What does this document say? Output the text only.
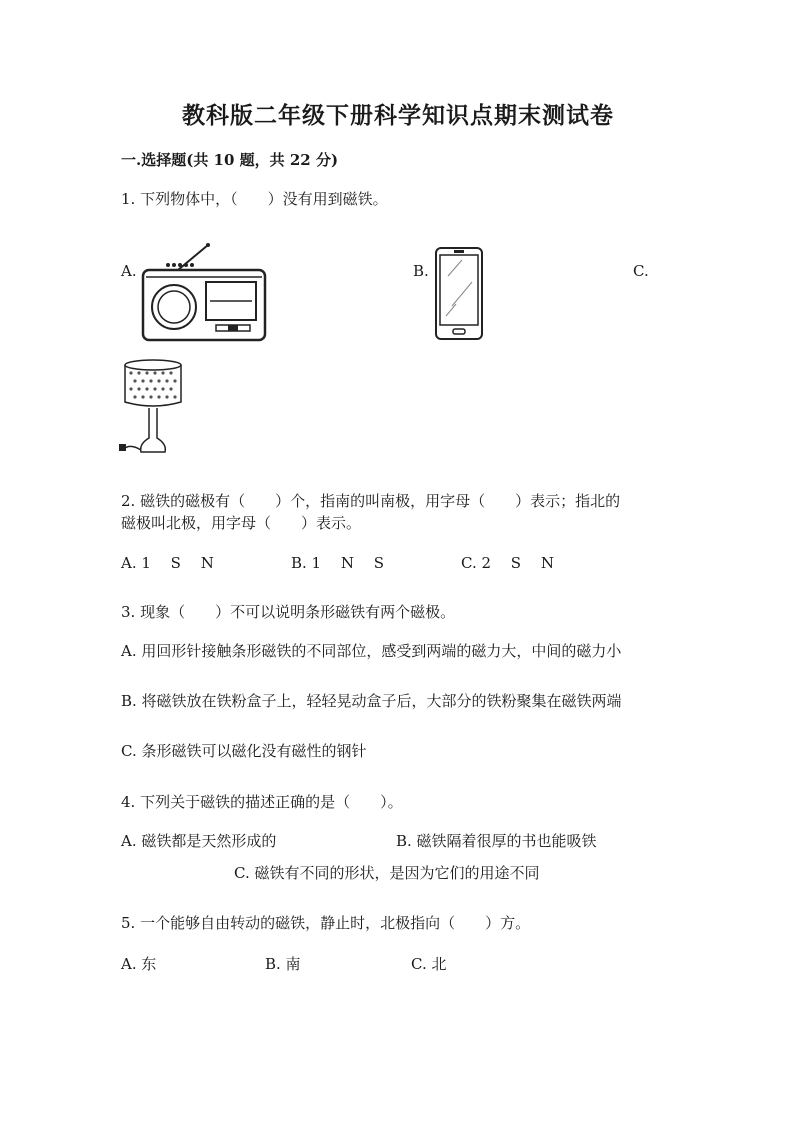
教科版二年级下册科学知识点期末测试卷
一.选择题(共 10 题，共 22 分)
1. 下列物体中，（　　）没有用到磁铁。
A.	B.	C.
2. 磁铁的磁极有（　　）个，指南的叫南极，用字母（　　）表示；指北的
磁极叫北极，用字母（　　）表示。
A. 1　 S　 N	B. 1　 N　 S	C. 2　 S　 N
3. 现象（　　）不可以说明条形磁铁有两个磁极。
A. 用回形针接触条形磁铁的不同部位，感受到两端的磁力大，中间的磁力小
B. 将磁铁放在铁粉盒子上，轻轻晃动盒子后，大部分的铁粉聚集在磁铁两端
C. 条形磁铁可以磁化没有磁性的钢针
4. 下列关于磁铁的描述正确的是（　　）。
A. 磁铁都是天然形成的	B. 磁铁隔着很厚的书也能吸铁
C. 磁铁有不同的形状，是因为它们的用途不同
5. 一个能够自由转动的磁铁，静止时，北极指向（　　）方。
A. 东	B. 南	C. 北
